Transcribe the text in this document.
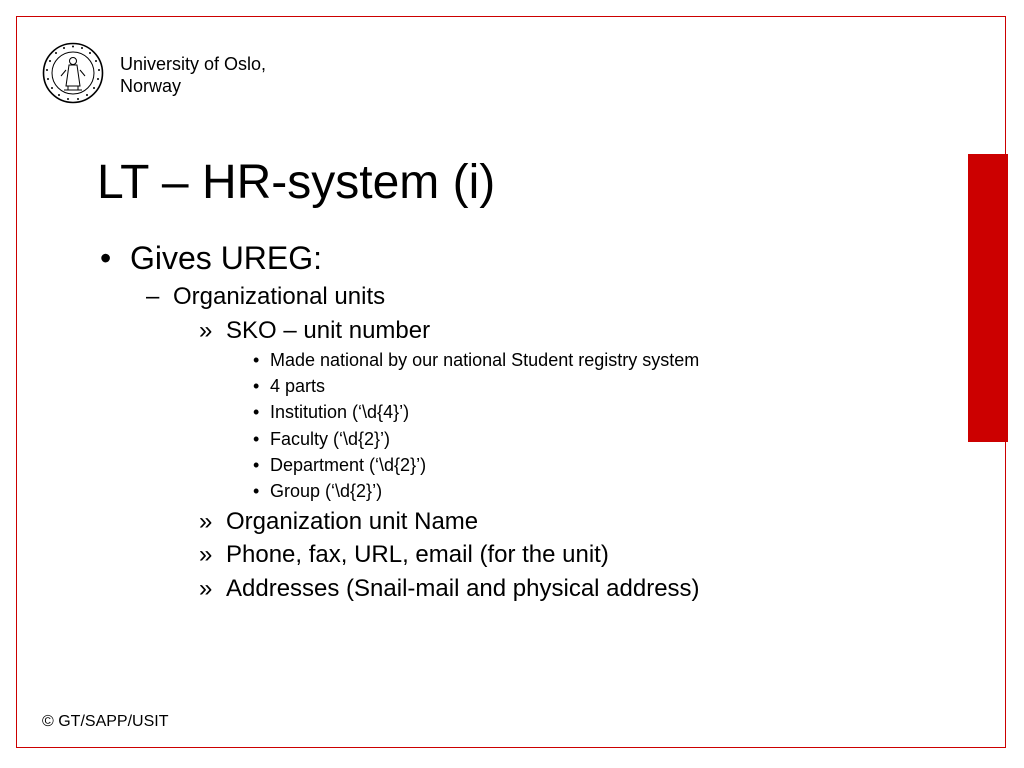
University of Oslo,
Norway
LT – HR-system (i)
• Gives UREG:
– Organizational units
» SKO – unit number
• Made national by our national Student registry system
• 4 parts
• Institution (‘\d{4}’)
• Faculty (‘\d{2}’)
• Department (‘\d{2}’)
• Group (‘\d{2}’)
» Organization unit Name
» Phone, fax, URL, email (for the unit)
» Addresses (Snail-mail and physical address)
© GT/SAPP/USIT
